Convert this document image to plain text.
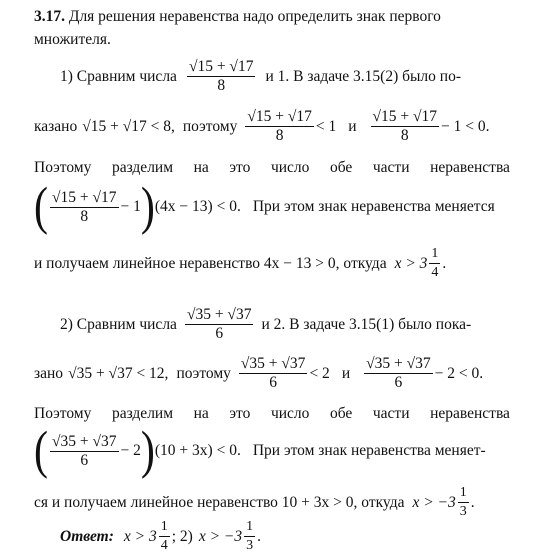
3.17. Для решения неравенства надо определить знак первого
множителя.
1) Сравним числа $\frac{√15 + √17}{8}$ и 1. В задаче 3.15(2) было по-
казано √15 + √17 < 8, поэтому $\frac{√15 + √17}{8} < 1$ и $\frac{√15 + √17}{8} - 1 < 0$.
Поэтому разделим на это число обе части неравенства
( $\frac{√15 + √17}{8} - 1$ ) (4x − 13) < 0. При этом знак неравенства меняется
и получаем линейное неравенство 4x − 13 > 0, откуда $x > 3 \frac{1}{4}$ .
2) Сравним числа $\frac{√35 + √37}{6}$ и 2. В задаче 3.15(1) было пока-
зано √35 + √37 < 12, поэтому $\frac{√35 + √37}{6} < 2$ и $\frac{√35 + √37}{6} - 2 < 0$.
Поэтому разделим на это число обе части неравенства
( $\frac{√35 + √37}{6} - 2$ ) (10 + 3x) < 0. При этом знак неравенства меняет-
ся и получаем линейное неравенство 10 + 3x > 0, откуда $x > -3 \frac{1}{3}$ .
Ответ: $x > 3 \frac{1}{4}$ ; 2) $x > -3 \frac{1}{3}$ .
